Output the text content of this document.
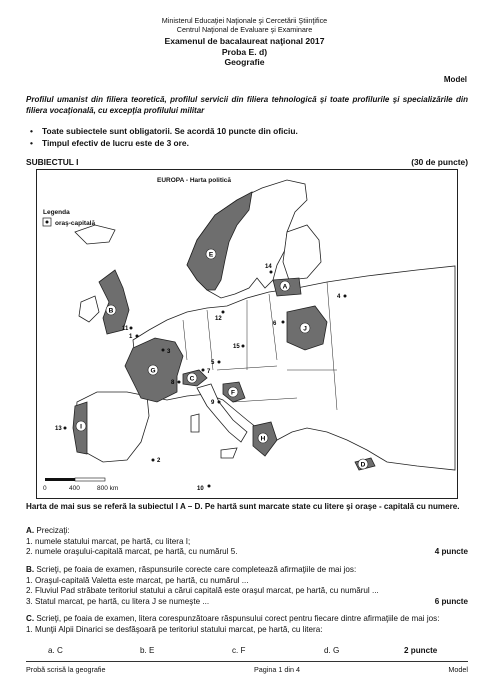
Ministerul Educaţiei Naţionale şi Cercetării Ştiinţifice
Centrul Naţional de Evaluare şi Examinare
Examenul de bacalaureat naţional 2017
Proba E. d)
Geografie
Model
Profilul umanist din filiera teoretică, profilul servicii din filiera tehnologică şi toate profilurile şi specializările din filiera vocaţională, cu excepţia profilului militar
• Toate subiectele sunt obligatorii. Se acordă 10 puncte din oficiu.
• Timpul efectiv de lucru este de 3 ore.
SUBIECTUL I	(30 de puncte)
EUROPA - Harta politică
Legenda
oraş-capitală
A
B
C
D
E
F
G
H
I
J
1
2
3
4
5
6
7
8
9
10
11
12
13
14
15
0	400	800 km
Harta de mai sus se referă la subiectul I A – D. Pe hartă sunt marcate state cu litere şi oraşe - capitală cu numere.
A. Precizaţi:
1. numele statului marcat, pe hartă, cu litera I;
2. numele oraşului-capitală marcat, pe hartă, cu numărul 5.	4 puncte
B. Scrieţi, pe foaia de examen, răspunsurile corecte care completează afirmaţiile de mai jos:
1. Oraşul-capitală Valetta este marcat, pe hartă, cu numărul ...
2. Fluviul Pad străbate teritoriul statului a cărui capitală este oraşul marcat, pe hartă, cu numărul ...
3. Statul marcat, pe hartă, cu litera J se numeşte ...	6 puncte
C. Scrieţi, pe foaia de examen, litera corespunzătoare răspunsului corect pentru fiecare dintre afirmaţiile de mai jos:
1. Munţii Alpii Dinarici se desfăşoară pe teritoriul statului marcat, pe hartă, cu litera:
a. C	b. E	c. F	d. G	2 puncte
Probă scrisă la geografie	Pagina 1 din 4	Model
